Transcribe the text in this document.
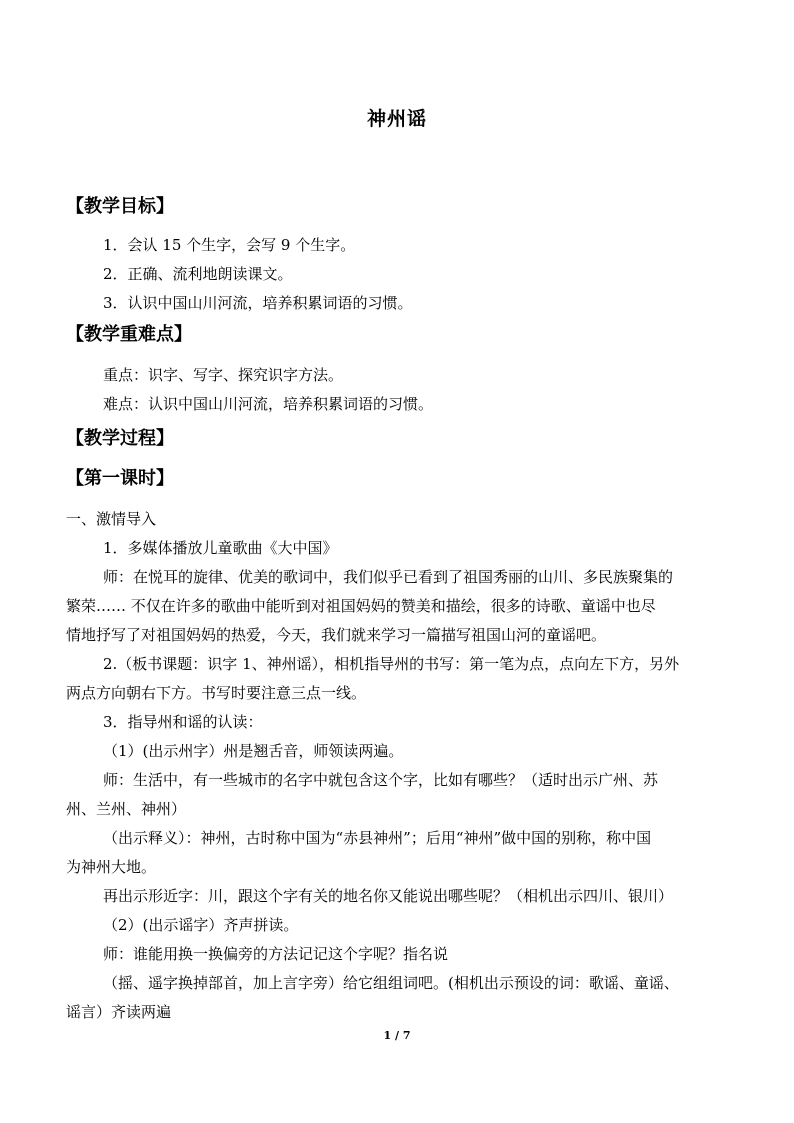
神州谣
【教学目标】
1．会认 15 个生字，会写 9 个生字。
2．正确、流利地朗读课文。
3．认识中国山川河流，培养积累词语的习惯。
【教学重难点】
重点：识字、写字、探究识字方法。
难点：认识中国山川河流，培养积累词语的习惯。
【教学过程】
【第一课时】
一、激情导入
1．多媒体播放儿童歌曲《大中国》
师：在悦耳的旋律、优美的歌词中，我们似乎已看到了祖国秀丽的山川、多民族聚集的
繁荣…… 不仅在许多的歌曲中能听到对祖国妈妈的赞美和描绘，很多的诗歌、童谣中也尽
情地抒写了对祖国妈妈的热爱，今天，我们就来学习一篇描写祖国山河的童谣吧。
2.（板书课题：识字 1、神州谣），相机指导州的书写：第一笔为点，点向左下方，另外
两点方向朝右下方。书写时要注意三点一线。
3．指导州和谣的认读：
（1）(出示州字）州是翘舌音，师领读两遍。
师：生活中，有一些城市的名字中就包含这个字，比如有哪些？（适时出示广州、苏
州、兰州、神州）
（出示释义）：神州，古时称中国为“赤县神州”；后用“神州”做中国的别称，称中国
为神州大地。
再出示形近字：川，跟这个字有关的地名你又能说出哪些呢？（相机出示四川、银川）
（2）(出示谣字）齐声拼读。
师：谁能用换一换偏旁的方法记记这个字呢？指名说
（摇、遥字换掉部首，加上言字旁）给它组组词吧。(相机出示预设的词：歌谣、童谣、
谣言）齐读两遍
1 / 7
